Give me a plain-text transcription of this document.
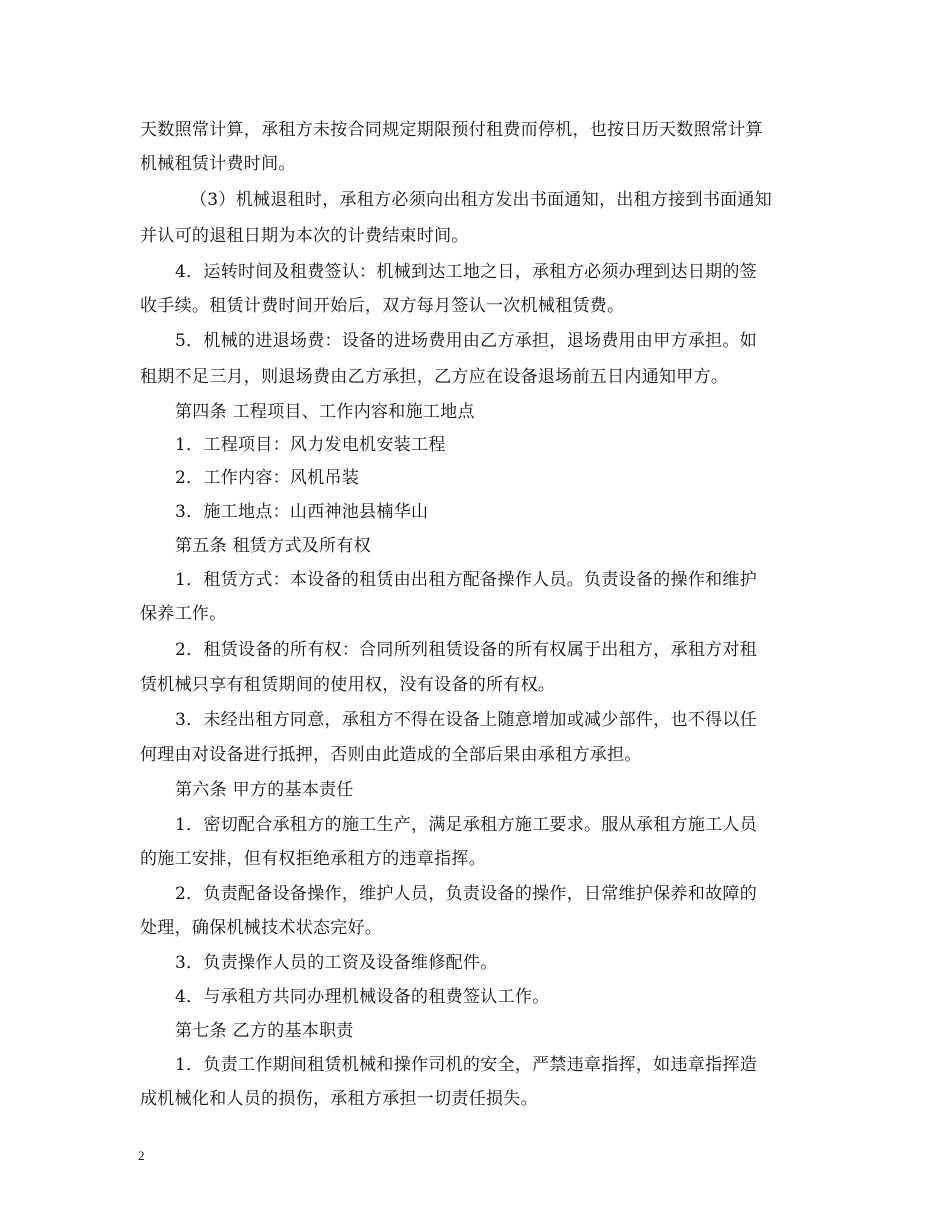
天数照常计算，承租方未按合同规定期限预付租费而停机，也按日历天数照常计算
机械租赁计费时间。
（3）机械退租时，承租方必须向出租方发出书面通知，出租方接到书面通知
并认可的退租日期为本次的计费结束时间。
4．运转时间及租费签认：机械到达工地之日，承租方必须办理到达日期的签
收手续。租赁计费时间开始后，双方每月签认一次机械租赁费。
5．机械的进退场费：设备的进场费用由乙方承担，退场费用由甲方承担。如
租期不足三月，则退场费由乙方承担，乙方应在设备退场前五日内通知甲方。
第四条 工程项目、工作内容和施工地点
1．工程项目：风力发电机安装工程
2．工作内容：风机吊装
3．施工地点：山西神池县楠华山
第五条 租赁方式及所有权
1．租赁方式：本设备的租赁由出租方配备操作人员。负责设备的操作和维护
保养工作。
2．租赁设备的所有权：合同所列租赁设备的所有权属于出租方，承租方对租
赁机械只享有租赁期间的使用权，没有设备的所有权。
3．未经出租方同意，承租方不得在设备上随意增加或减少部件，也不得以任
何理由对设备进行抵押，否则由此造成的全部后果由承租方承担。
第六条 甲方的基本责任
1．密切配合承租方的施工生产，满足承租方施工要求。服从承租方施工人员
的施工安排，但有权拒绝承租方的违章指挥。
2．负责配备设备操作，维护人员，负责设备的操作，日常维护保养和故障的
处理，确保机械技术状态完好。
3．负责操作人员的工资及设备维修配件。
4．与承租方共同办理机械设备的租费签认工作。
第七条 乙方的基本职责
1．负责工作期间租赁机械和操作司机的安全，严禁违章指挥，如违章指挥造
成机械化和人员的损伤，承租方承担一切责任损失。
2
